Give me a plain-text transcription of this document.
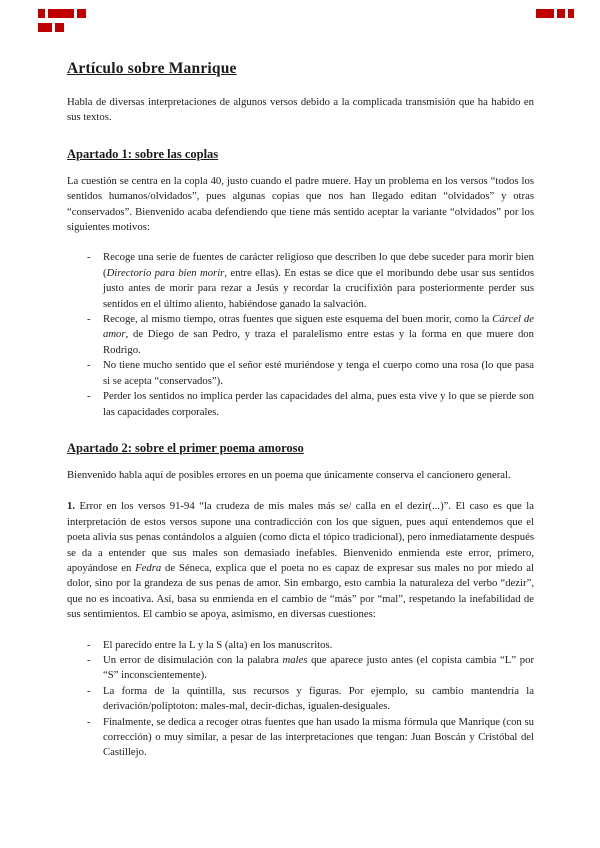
Artículo sobre Manrique

Habla de diversas interpretaciones de algunos versos debido a la complicada transmisión que ha habido en sus textos.

Apartado 1: sobre las coplas

La cuestión se centra en la copla 40, justo cuando el padre muere. Hay un problema en los versos “todos los sentidos humanos/olvidados”, pues algunas copias que nos han llegado editan “olvidados” y otras “conservados”. Bienvenido acaba defendiendo que tiene más sentido aceptar la variante “olvidados” por los siguientes motivos:

-	Recoge una serie de fuentes de carácter religioso que describen lo que debe suceder para morir bien (Directorio para bien morir, entre ellas). En estas se dice que el moribundo debe usar sus sentidos justo antes de morir para rezar a Jesús y recordar la crucifixión para posteriormente perder sus sentidos en el último aliento, habiéndose ganado la salvación.
-	Recoge, al mismo tiempo, otras fuentes que siguen este esquema del buen morir, como la Cárcel de amor, de Diego de san Pedro, y traza el paralelismo entre estas y la forma en que muere don Rodrigo.
-	No tiene mucho sentido que el señor esté muriéndose y tenga el cuerpo como una rosa (lo que pasa si se acepta “conservados”).
-	Perder los sentidos no implica perder las capacidades del alma, pues esta vive y lo que se pierde son las capacidades corporales.
Apartado 2: sobre el primer poema amoroso

Bienvenido habla aquí de posibles errores en un poema que únicamente conserva el cancionero general.

1. Error en los versos 91-94 “la crudeza de mis males más se/ calla en el dezir(...)”. El caso es que la interpretación de estos versos supone una contradicción con los que siguen, pues aquí entendemos que el poeta alivia sus penas contándolos a alguien (como dicta el tópico tradicional), pero inmediatamente después se da a entender que sus males son demasiado inefables. Bienvenido enmienda este error, primero, apoyándose en Fedra de Séneca, explica que el poeta no es capaz de expresar sus males no por miedo al dolor, sino por la grandeza de sus penas de amor. Sin embargo, esto cambia la naturaleza del verbo “dezir”, que no es incoativa. Así, basa su enmienda en el cambio de “más” por “mal”, respetando la inefabilidad de sus sentimientos. El cambio se apoya, asimismo, en diversas cuestiones:

-	El parecido entre la L y la S (alta) en los manuscritos.
-	Un error de disimulación con la palabra males que aparece justo antes (el copista cambia “L” por “S” inconscientemente).
-	La forma de la quintilla, sus recursos y figuras. Por ejemplo, su cambio mantendría la derivación/políptoton: males-mal, decir-dichas, igualen-desiguales.
-	Finalmente, se dedica a recoger otras fuentes que han usado la misma fórmula que Manrique (con su corrección) o muy similar, a pesar de las interpretaciones que tengan: Juan Boscán y Cristóbal del Castillejo.
